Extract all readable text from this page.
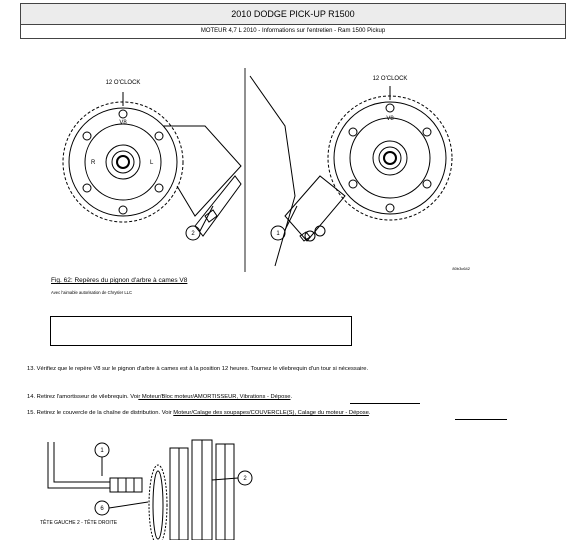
2010 DODGE PICK-UP R1500
MOTEUR 4,7 L 2010 - Informations sur l'entretien - Ram 1500 Pickup
12 O'CLOCK
12 O'CLOCK
V8
V8
R	L
2	1
80b3c642
Fig. 62: Repères du pignon d'arbre à cames V8
Avec l'aimable autorisation de Chrysler LLC
13. Vérifiez que le repère V8 sur le pignon d'arbre à cames est à la position 12 heures. Tournez le vilebrequin d'un tour si nécessaire.
14. Retirez l'amortisseur de vilebrequin. Voir Moteur/Bloc moteur/AMORTISSEUR, Vibrations - Dépose.
15. Retirez le couvercle de la chaîne de distribution. Voir Moteur/Calage des soupapes/COUVERCLE(S), Calage du moteur - Dépose.
1
2
6
TÊTE GAUCHE 2 - TÊTE DROITE
